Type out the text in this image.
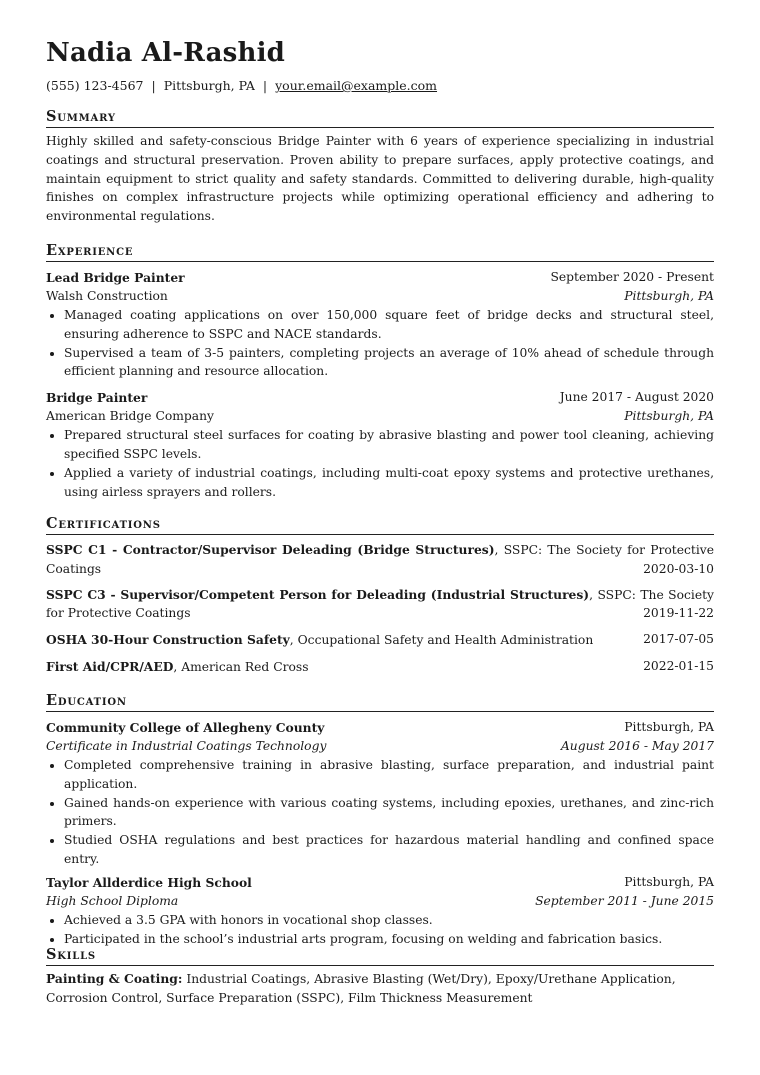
Nadia Al-Rashid
(555) 123-4567 | Pittsburgh, PA | your.email@example.com
Summary
Highly skilled and safety-conscious Bridge Painter with 6 years of experience specializing in industrial coatings and structural preservation. Proven ability to prepare surfaces, apply protective coatings, and maintain equipment to strict quality and safety standards. Committed to delivering durable, high-quality finishes on complex infrastructure projects while optimizing operational efficiency and adhering to environmental regulations.
Experience
Lead Bridge Painter	September 2020 - Present
Walsh Construction	Pittsburgh, PA
• Managed coating applications on over 150,000 square feet of bridge decks and structural steel, ensuring adherence to SSPC and NACE standards.
• Supervised a team of 3-5 painters, completing projects an average of 10% ahead of schedule through efficient planning and resource allocation.
Bridge Painter	June 2017 - August 2020
American Bridge Company	Pittsburgh, PA
• Prepared structural steel surfaces for coating by abrasive blasting and power tool cleaning, achieving specified SSPC levels.
• Applied a variety of industrial coatings, including multi-coat epoxy systems and protective urethanes, using airless sprayers and rollers.
Certifications
SSPC C1 - Contractor/Supervisor Deleading (Bridge Structures), SSPC: The Society for Protective Coatings	2020-03-10
SSPC C3 - Supervisor/Competent Person for Deleading (Industrial Structures), SSPC: The Society for Protective Coatings	2019-11-22
OSHA 30-Hour Construction Safety, Occupational Safety and Health Administration	2017-07-05
First Aid/CPR/AED, American Red Cross	2022-01-15
Education
Community College of Allegheny County	Pittsburgh, PA
Certificate in Industrial Coatings Technology	August 2016 - May 2017
• Completed comprehensive training in abrasive blasting, surface preparation, and industrial paint application.
• Gained hands-on experience with various coating systems, including epoxies, urethanes, and zinc-rich primers.
• Studied OSHA regulations and best practices for hazardous material handling and confined space entry.
Taylor Allderdice High School	Pittsburgh, PA
High School Diploma	September 2011 - June 2015
• Achieved a 3.5 GPA with honors in vocational shop classes.
• Participated in the school’s industrial arts program, focusing on welding and fabrication basics.
Skills
Painting & Coating: Industrial Coatings, Abrasive Blasting (Wet/Dry), Epoxy/Urethane Application, Corrosion Control, Surface Preparation (SSPC), Film Thickness Measurement
